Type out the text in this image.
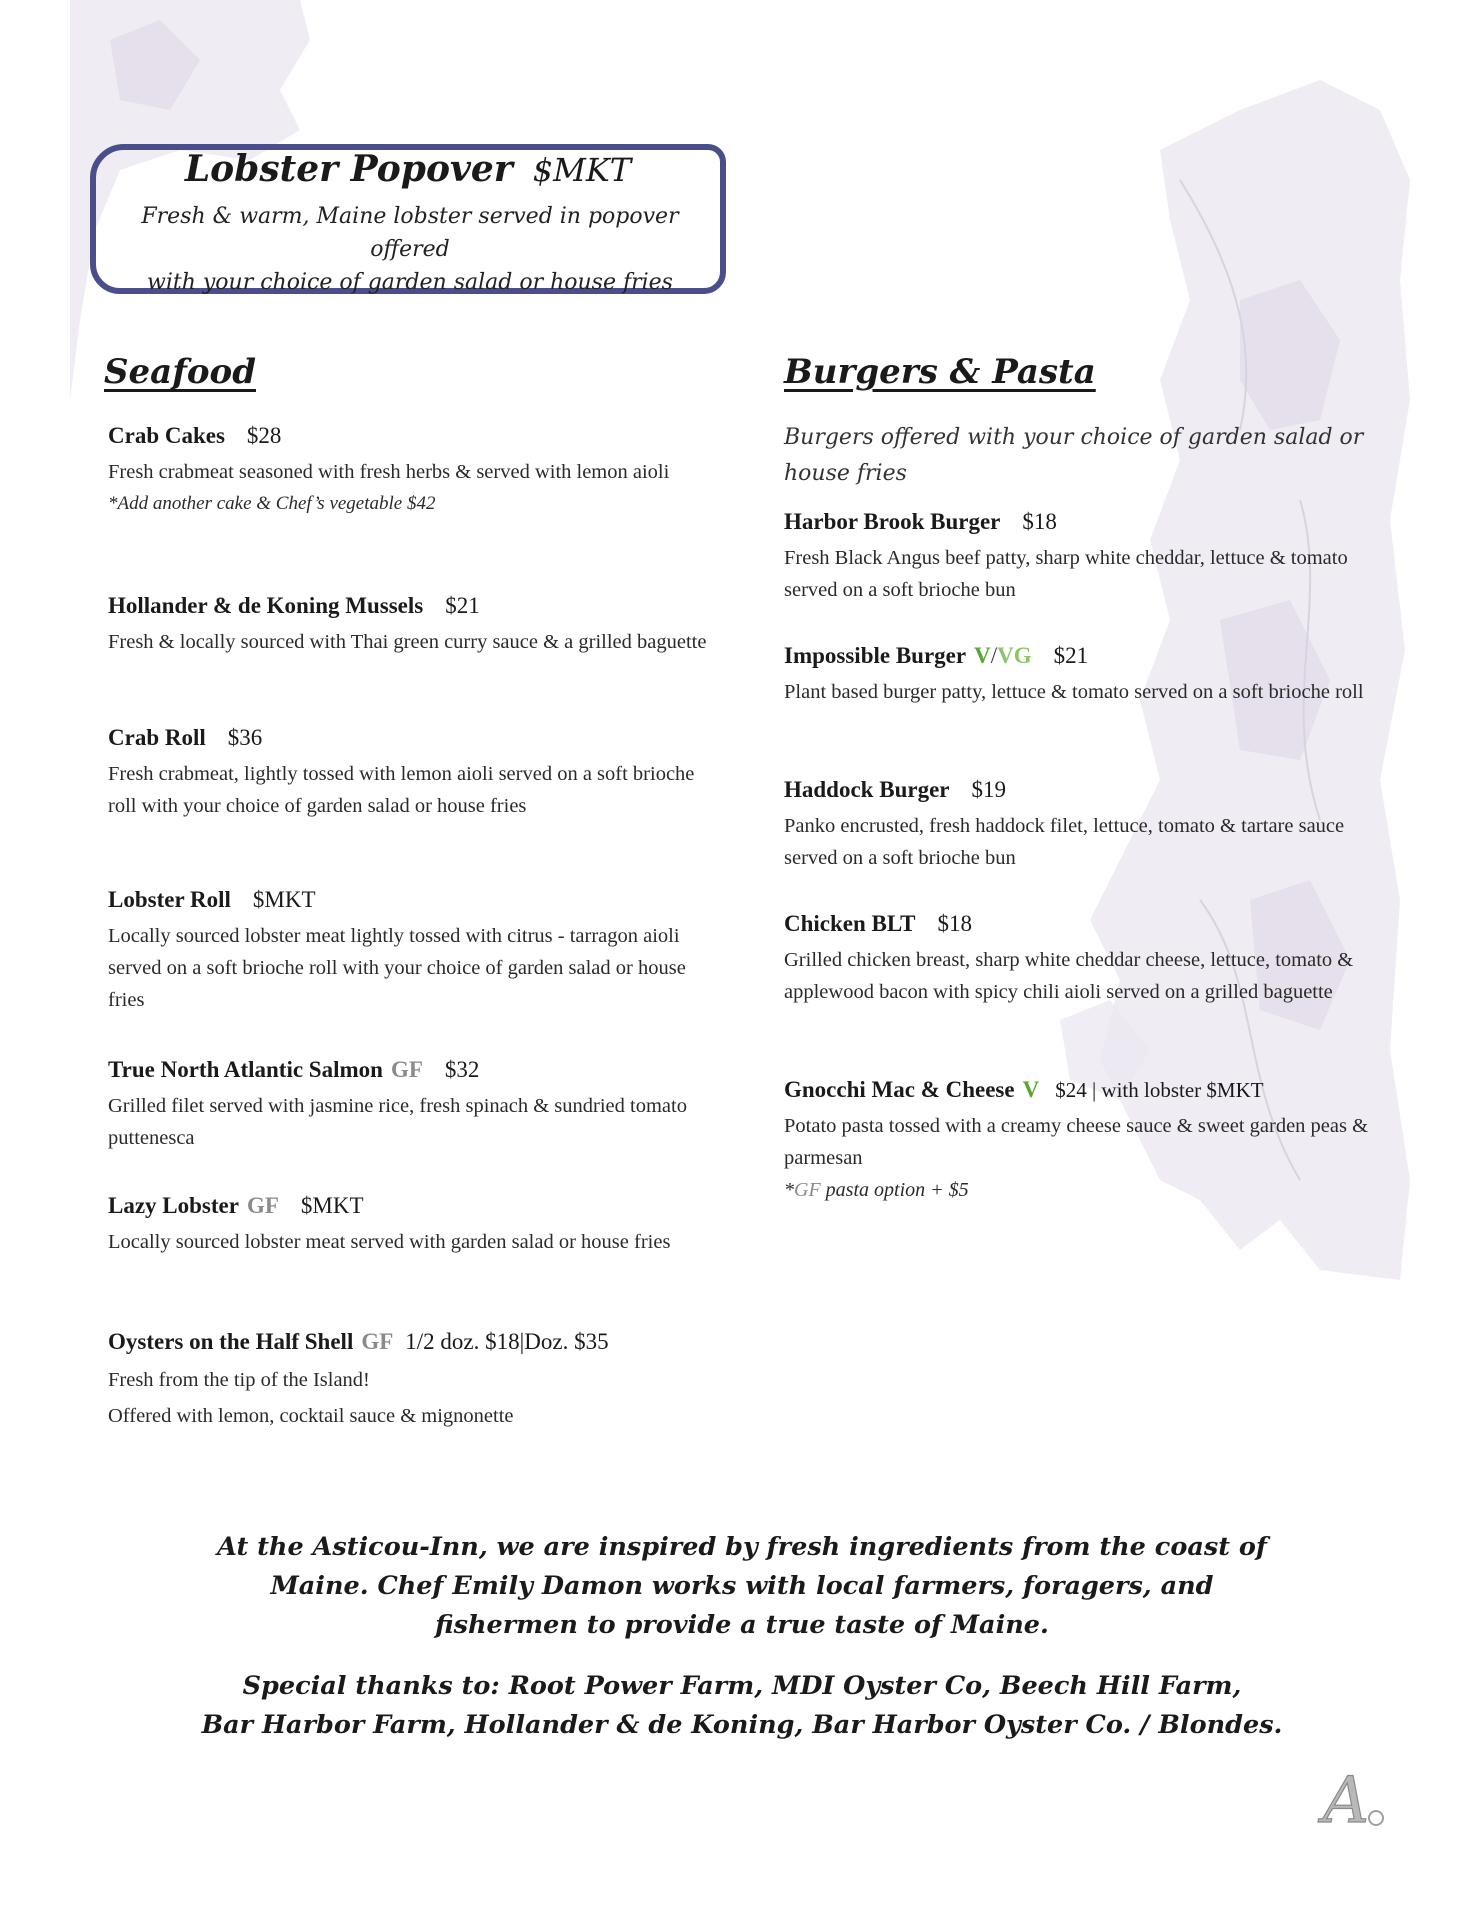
Lobster Popover $MKT
Fresh & warm, Maine lobster served in popover offered
with your choice of garden salad or house fries
Seafood
Crab Cakes $28
Fresh crabmeat seasoned with fresh herbs & served with lemon aioli
*Add another cake & Chef’s vegetable $42
Hollander & de Koning Mussels $21
Fresh & locally sourced with Thai green curry sauce & a grilled baguette
Crab Roll $36
Fresh crabmeat, lightly tossed with lemon aioli served on a soft brioche roll with your choice of garden salad or house fries
Lobster Roll $MKT
Locally sourced lobster meat lightly tossed with citrus - tarragon aioli served on a soft brioche roll with your choice of garden salad or house fries
True North Atlantic Salmon GF $32
Grilled filet served with jasmine rice, fresh spinach & sundried tomato puttenesca
Lazy Lobster GF $MKT
Locally sourced lobster meat served with garden salad or house fries
Oysters on the Half Shell GF 1/2 doz. $18|Doz. $35
Fresh from the tip of the Island!
Offered with lemon, cocktail sauce & mignonette
Burgers & Pasta
Burgers offered with your choice of garden salad or house fries
Harbor Brook Burger $18
Fresh Black Angus beef patty, sharp white cheddar, lettuce & tomato served on a soft brioche bun
Impossible Burger V/VG $21
Plant based burger patty, lettuce & tomato served on a soft brioche roll
Haddock Burger $19
Panko encrusted, fresh haddock filet, lettuce, tomato & tartare sauce served on a soft brioche bun
Chicken BLT $18
Grilled chicken breast, sharp white cheddar cheese, lettuce, tomato & applewood bacon with spicy chili aioli served on a grilled baguette
Gnocchi Mac & Cheese V $24 | with lobster $MKT
Potato pasta tossed with a creamy cheese sauce & sweet garden peas & parmesan
*GF pasta option + $5

At the Asticou-Inn, we are inspired by fresh ingredients from the coast of Maine. Chef Emily Damon works with local farmers, foragers, and fishermen to provide a true taste of Maine.

Special thanks to: Root Power Farm, MDI Oyster Co, Beech Hill Farm,
Bar Harbor Farm, Hollander & de Koning, Bar Harbor Oyster Co. / Blondes.

A
